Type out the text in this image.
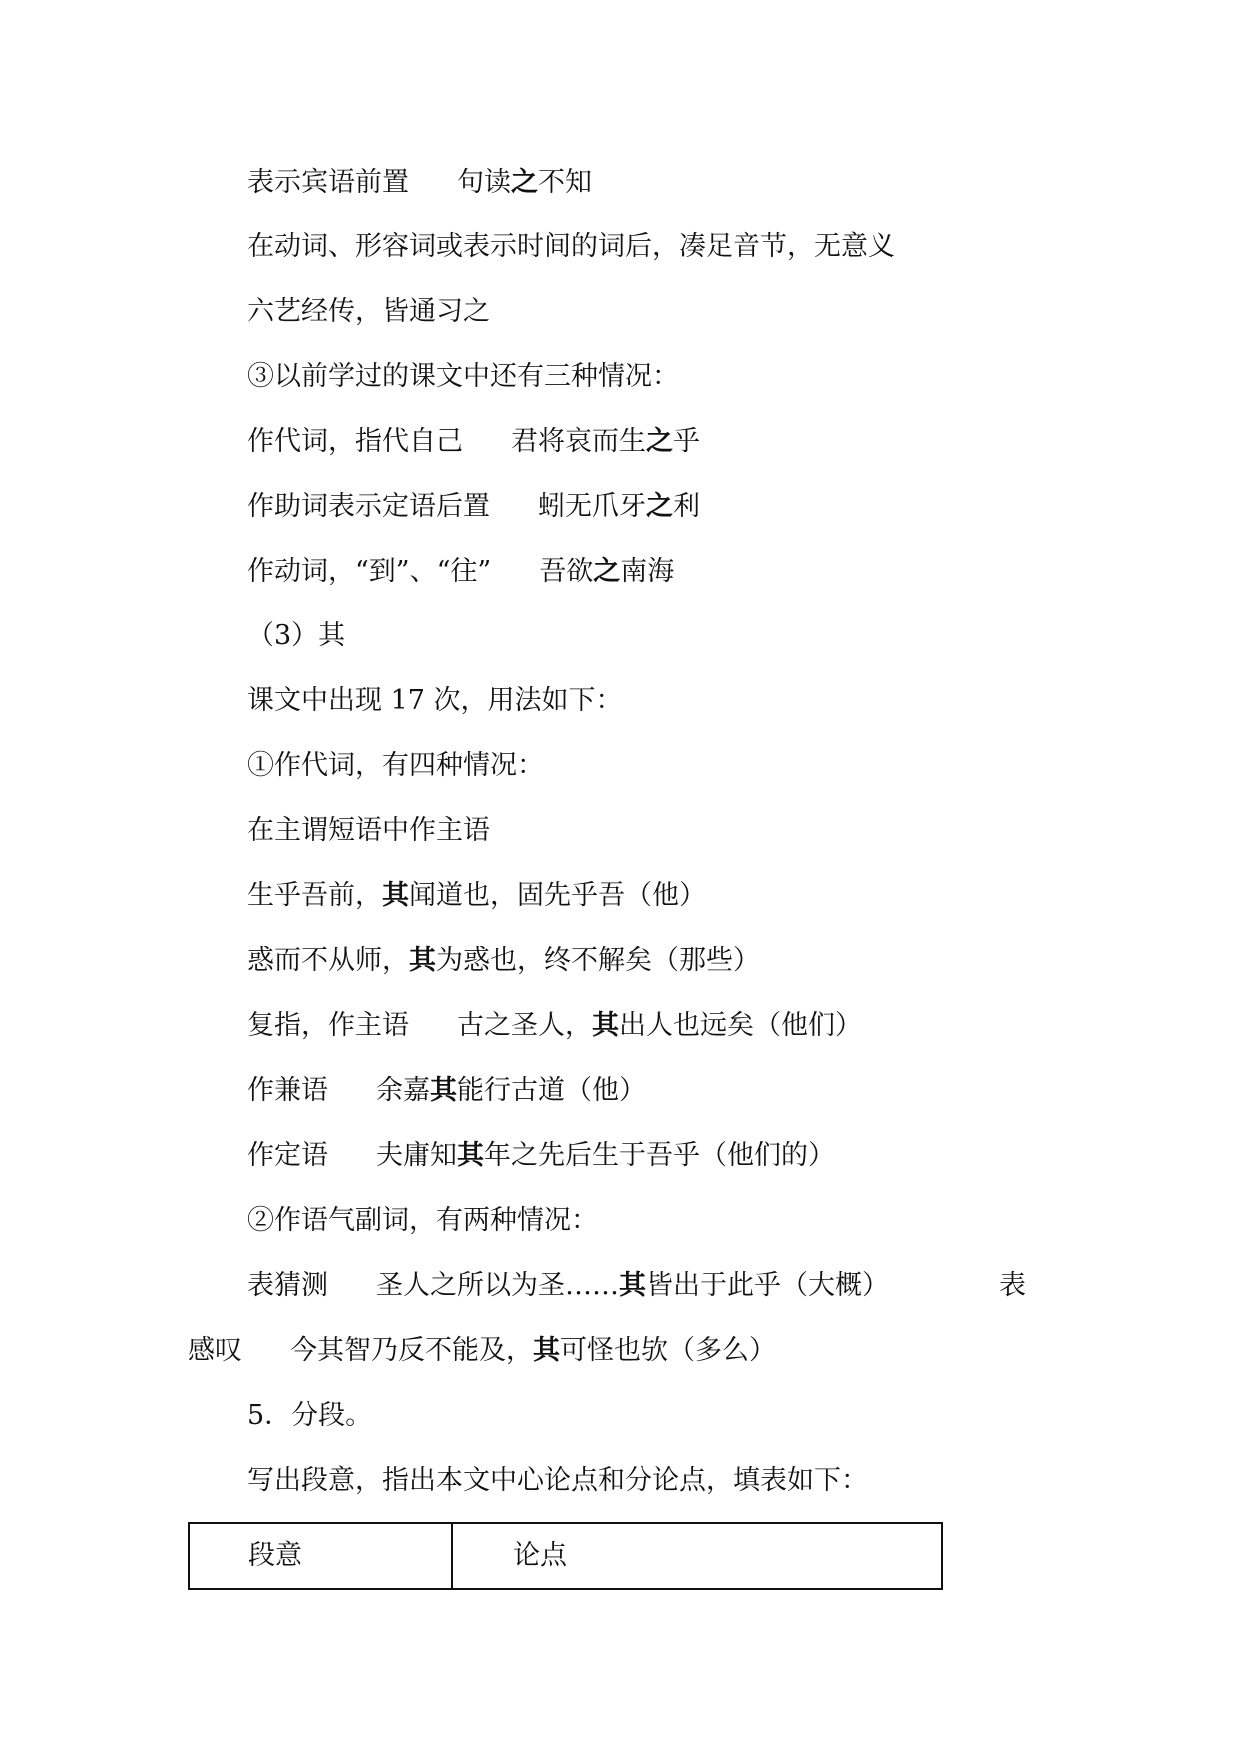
表示宾语前置 句读之不知
在动词、形容词或表示时间的词后，凑足音节，无意义
六艺经传，皆通习之
③以前学过的课文中还有三种情况：
作代词，指代自己 君将哀而生之乎
作助词表示定语后置 蚓无爪牙之利
作动词，“到”、“往” 吾欲之南海
（3）其
课文中出现 17 次，用法如下：
①作代词，有四种情况：
在主谓短语中作主语
生乎吾前，其闻道也，固先乎吾（他）
惑而不从师，其为惑也，终不解矣（那些）
复指，作主语 古之圣人，其出人也远矣（他们）
作兼语 余嘉其能行古道（他）
作定语 夫庸知其年之先后生于吾乎（他们的）
②作语气副词，有两种情况：
表猜测 圣人之所以为圣……其皆出于此乎（大概）	表
感叹 今其智乃反不能及，其可怪也欤（多么）
5．分段。
写出段意，指出本文中心论点和分论点，填表如下：
段意	论点
